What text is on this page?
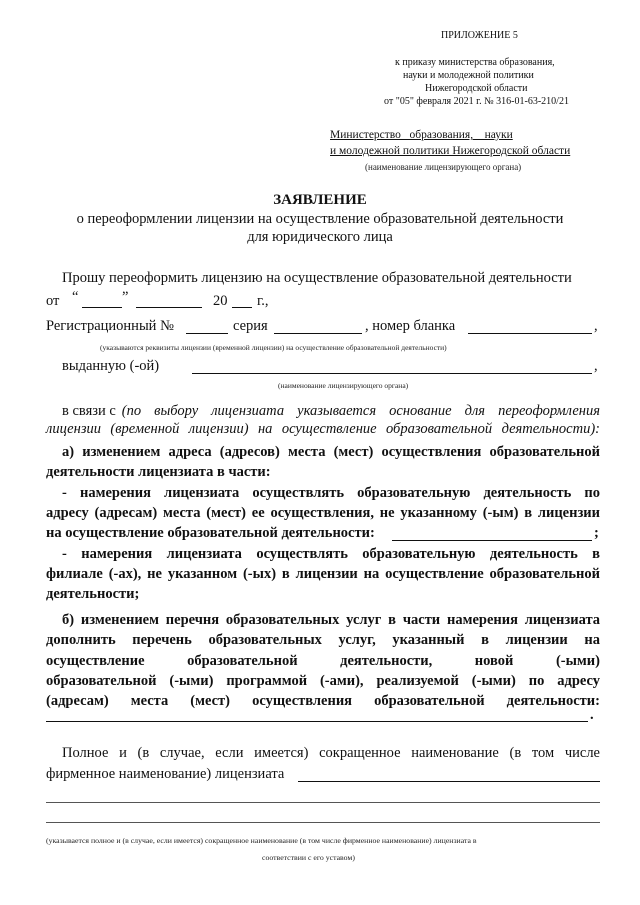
ПРИЛОЖЕНИЕ 5
к приказу министерства образования,
науки и молодежной политики
Нижегородской области
от "05" февраля 2021 г. № 316-01-63-210/21
Министерство   образования,    науки
и молодежной политики Нижегородской области
(наименование лицензирующего органа)
ЗАЯВЛЕНИЕ
о переоформлении лицензии на осуществление образовательной деятельности
для юридического лица
Прошу переоформить лицензию на осуществление образовательной деятельности
от “	”	20 г.,
Регистрационный №	серия	, номер бланка	,
(указываются реквизиты лицензии (временной лицензии) на осуществление образовательной деятельности)
выданную (-ой)	,
(наименование лицензирующего органа)
в связи с (по выбору лицензиата указывается основание для переоформления
лицензии (временной лицензии) на осуществление образовательной деятельности):
а) изменением адреса (адресов) места (мест) осуществления образовательной
деятельности лицензиата в части:
- намерения лицензиата осуществлять образовательную деятельность по
адресу (адресам) места (мест) ее осуществления, не указанному (-ым) в лицензии
на осуществление образовательной деятельности:	;
- намерения лицензиата осуществлять образовательную деятельность в
филиале (-ах), не указанном (-ых) в лицензии на осуществление образовательной
деятельности;
б) изменением перечня образовательных услуг в части намерения лицензиата
дополнить перечень образовательных услуг, указанный в лицензии на
осуществление образовательной деятельности, новой (-ыми)
образовательной (-ыми) программой (-ами), реализуемой (-ыми) по адресу
(адресам) места (мест) осуществления образовательной деятельности:
.
Полное и (в случае, если имеется) сокращенное наименование (в том числе
фирменное наименование) лицензиата
(указывается полное и (в случае, если имеется) сокращенное наименование (в том числе фирменное наименование) лицензиата в
соответствии с его уставом)
